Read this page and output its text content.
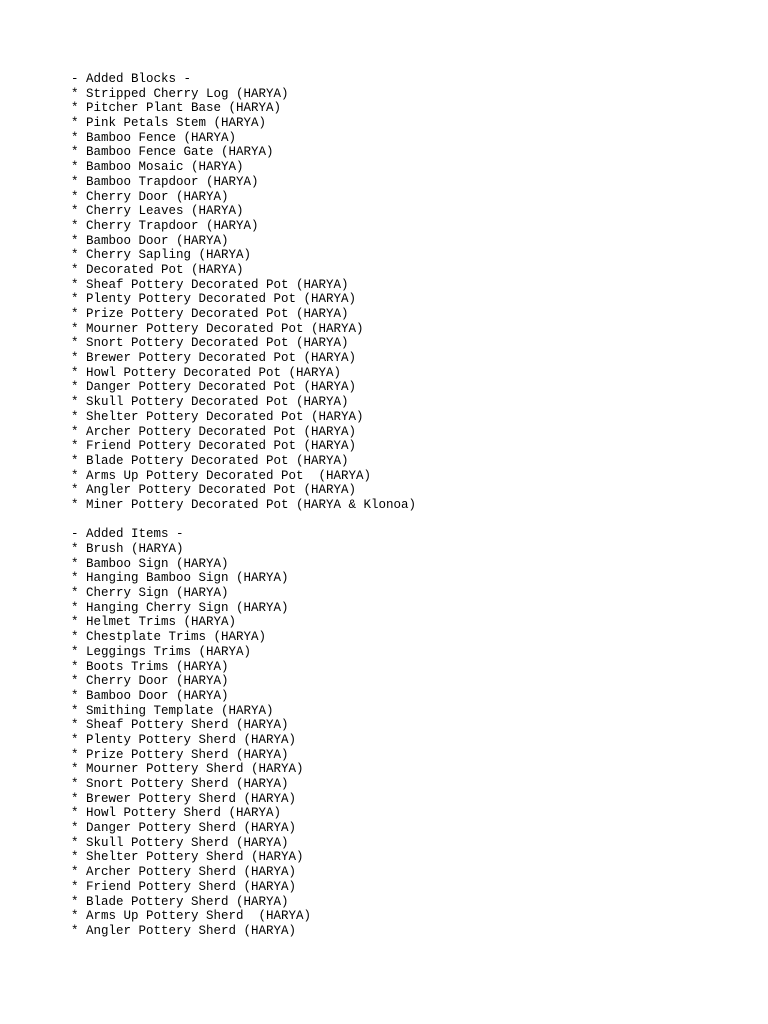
- Added Blocks -
* Stripped Cherry Log (HARYA)
* Pitcher Plant Base (HARYA)
* Pink Petals Stem (HARYA)
* Bamboo Fence (HARYA)
* Bamboo Fence Gate (HARYA)
* Bamboo Mosaic (HARYA)
* Bamboo Trapdoor (HARYA)
* Cherry Door (HARYA)
* Cherry Leaves (HARYA)
* Cherry Trapdoor (HARYA)
* Bamboo Door (HARYA)
* Cherry Sapling (HARYA)
* Decorated Pot (HARYA)
* Sheaf Pottery Decorated Pot (HARYA)
* Plenty Pottery Decorated Pot (HARYA)
* Prize Pottery Decorated Pot (HARYA)
* Mourner Pottery Decorated Pot (HARYA)
* Snort Pottery Decorated Pot (HARYA)
* Brewer Pottery Decorated Pot (HARYA)
* Howl Pottery Decorated Pot (HARYA)
* Danger Pottery Decorated Pot (HARYA)
* Skull Pottery Decorated Pot (HARYA)
* Shelter Pottery Decorated Pot (HARYA)
* Archer Pottery Decorated Pot (HARYA)
* Friend Pottery Decorated Pot (HARYA)
* Blade Pottery Decorated Pot (HARYA)
* Arms Up Pottery Decorated Pot  (HARYA)
* Angler Pottery Decorated Pot (HARYA)
* Miner Pottery Decorated Pot (HARYA & Klonoa)
- Added Items -
* Brush (HARYA)
* Bamboo Sign (HARYA)
* Hanging Bamboo Sign (HARYA)
* Cherry Sign (HARYA)
* Hanging Cherry Sign (HARYA)
* Helmet Trims (HARYA)
* Chestplate Trims (HARYA)
* Leggings Trims (HARYA)
* Boots Trims (HARYA)
* Cherry Door (HARYA)
* Bamboo Door (HARYA)
* Smithing Template (HARYA)
* Sheaf Pottery Sherd (HARYA)
* Plenty Pottery Sherd (HARYA)
* Prize Pottery Sherd (HARYA)
* Mourner Pottery Sherd (HARYA)
* Snort Pottery Sherd (HARYA)
* Brewer Pottery Sherd (HARYA)
* Howl Pottery Sherd (HARYA)
* Danger Pottery Sherd (HARYA)
* Skull Pottery Sherd (HARYA)
* Shelter Pottery Sherd (HARYA)
* Archer Pottery Sherd (HARYA)
* Friend Pottery Sherd (HARYA)
* Blade Pottery Sherd (HARYA)
* Arms Up Pottery Sherd  (HARYA)
* Angler Pottery Sherd (HARYA)
